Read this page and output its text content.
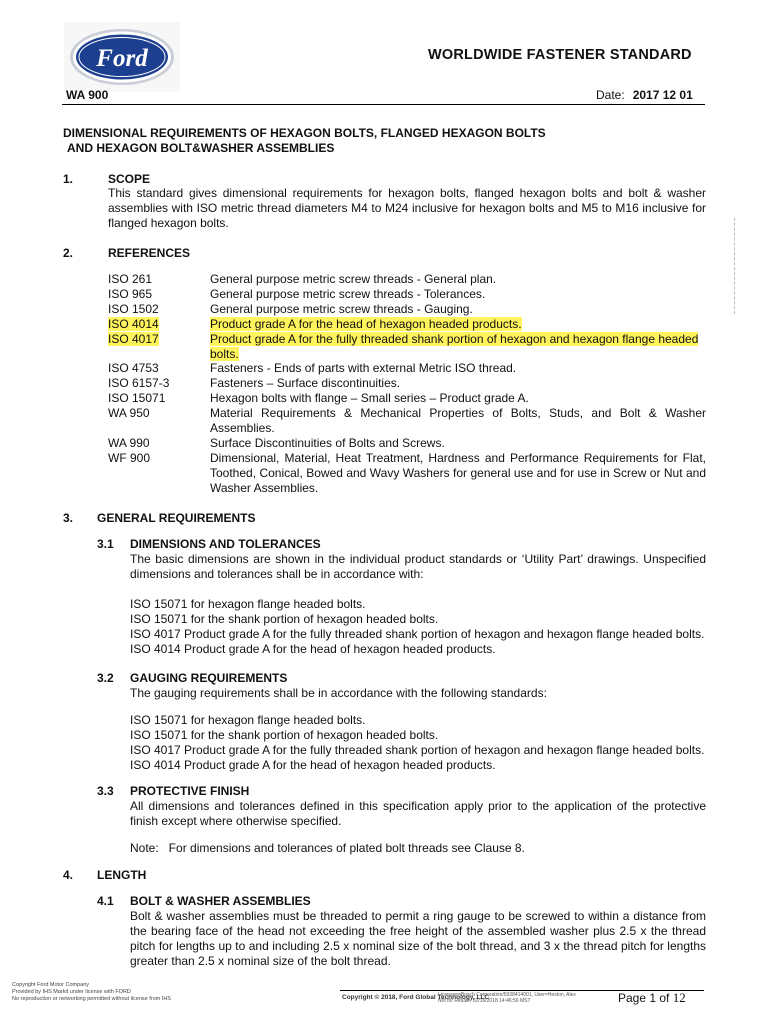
Ford	WORLDWIDE FASTENER STANDARD
WA 900	Date: 2017 12 01
DIMENSIONAL REQUIREMENTS OF HEXAGON BOLTS, FLANGED HEXAGON BOLTS
AND HEXAGON BOLT&WASHER ASSEMBLIES
1.	SCOPE
This standard gives dimensional requirements for hexagon bolts, flanged hexagon bolts and bolt & washer assemblies with ISO metric thread diameters M4 to M24 inclusive for hexagon bolts and M5 to M16 inclusive for flanged hexagon bolts.
2.	REFERENCES
ISO 261	General purpose metric screw threads - General plan.
ISO 965	General purpose metric screw threads - Tolerances.
ISO 1502	General purpose metric screw threads - Gauging.
ISO 4014	Product grade A for the head of hexagon headed products.
ISO 4017	Product grade A for the fully threaded shank portion of hexagon and hexagon flange headed bolts.
ISO 4753	Fasteners - Ends of parts with external Metric ISO thread.
ISO 6157-3	Fasteners – Surface discontinuities.
ISO 15071	Hexagon bolts with flange – Small series – Product grade A.
WA 950	Material Requirements & Mechanical Properties of Bolts, Studs, and Bolt & Washer Assemblies.
WA 990	Surface Discontinuities of Bolts and Screws.
WF 900	Dimensional, Material, Heat Treatment, Hardness and Performance Requirements for Flat, Toothed, Conical, Bowed and Wavy Washers for general use and for use in Screw or Nut and Washer Assemblies.
3. GENERAL REQUIREMENTS
3.1 DIMENSIONS AND TOLERANCES
The basic dimensions are shown in the individual product standards or ‘Utility Part’ drawings. Unspecified dimensions and tolerances shall be in accordance with:
ISO 15071 for hexagon flange headed bolts.
ISO 15071 for the shank portion of hexagon headed bolts.
ISO 4017 Product grade A for the fully threaded shank portion of hexagon and hexagon flange headed bolts.
ISO 4014 Product grade A for the head of hexagon headed products.
3.2 GAUGING REQUIREMENTS
The gauging requirements shall be in accordance with the following standards:
ISO 15071 for hexagon flange headed bolts.
ISO 15071 for the shank portion of hexagon headed bolts.
ISO 4017 Product grade A for the fully threaded shank portion of hexagon and hexagon flange headed bolts.
ISO 4014 Product grade A for the head of hexagon headed products.
3.3 PROTECTIVE FINISH
All dimensions and tolerances defined in this specification apply prior to the application of the protective finish except where otherwise specified.
Note:   For dimensions and tolerances of plated bolt threads see Clause 8.
4. LENGTH
4.1 BOLT & WASHER ASSEMBLIES
Bolt & washer assemblies must be threaded to permit a ring gauge to be screwed to within a distance from the bearing face of the head not exceeding the free height of the assembled washer plus 2.5 x the thread pitch for lengths up to and including 2.5 x nominal size of the bolt thread, and 3 x the thread pitch for lengths greater than 2.5 x nominal size of the bolt thread.
Copyright Ford Motor Company
Provided by IHS Markit under license with FORD
No reproduction or networking permitted without license from IHS	Copyright © 2018, Ford Global Technology, LLC
Licensee=Bosch Corporation/5938414001, User=Heston, Alex
Not for Resale, 02/16/2018 14:46:56 MST	Page 1 of 12
